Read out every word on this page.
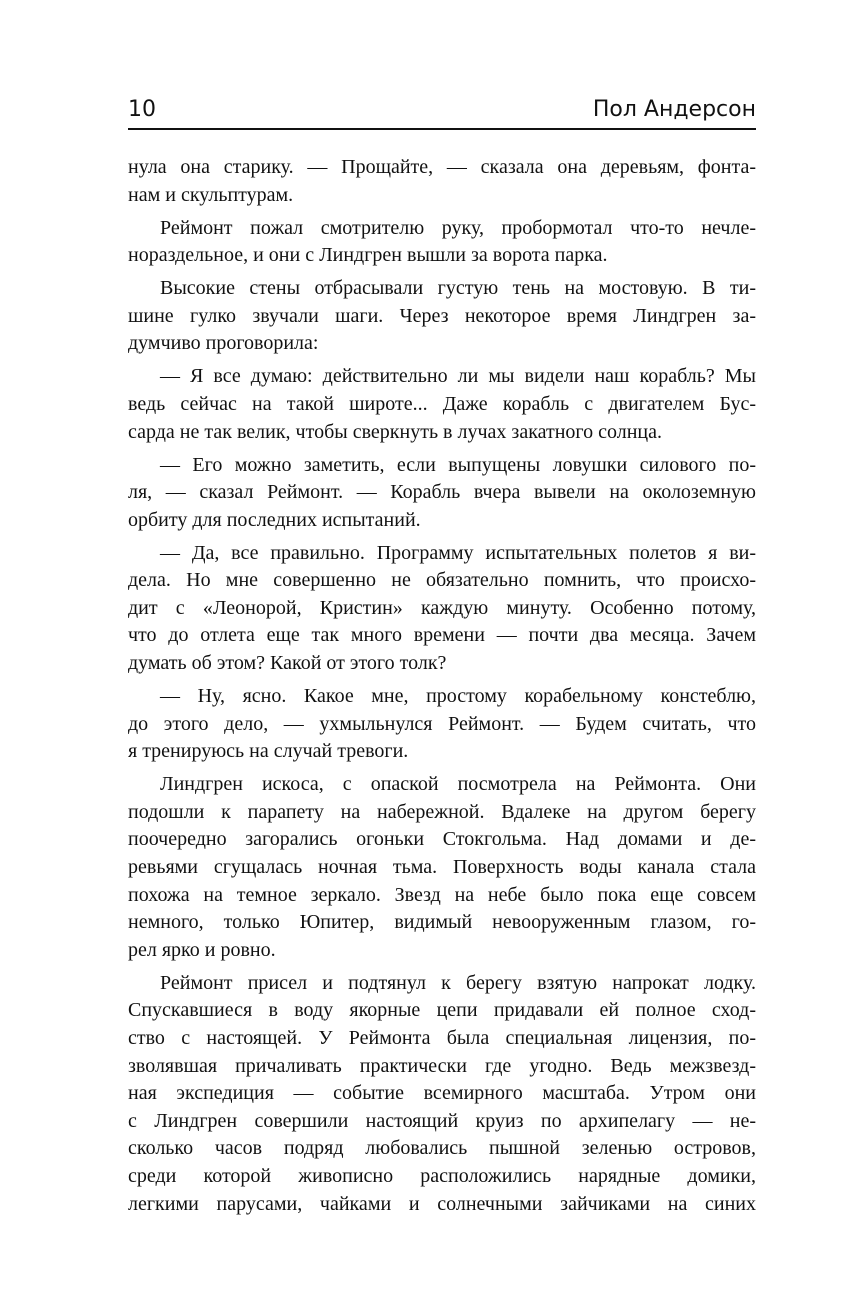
10	Пол Андерсон
нула она старику. — Прощайте, — сказала она деревьям, фонта-
нам и скульптурам.
Реймонт пожал смотрителю руку, пробормотал что-то нечле-
нораздельное, и они с Линдгрен вышли за ворота парка.
Высокие стены отбрасывали густую тень на мостовую. В ти-
шине гулко звучали шаги. Через некоторое время Линдгрен за-
думчиво проговорила:
— Я все думаю: действительно ли мы видели наш корабль? Мы
ведь сейчас на такой широте... Даже корабль с двигателем Бус-
сарда не так велик, чтобы сверкнуть в лучах закатного солнца.
— Его можно заметить, если выпущены ловушки силового по-
ля, — сказал Реймонт. — Корабль вчера вывели на околоземную
орбиту для последних испытаний.
— Да, все правильно. Программу испытательных полетов я ви-
дела. Но мне совершенно не обязательно помнить, что происхо-
дит с «Леонорой, Кристин» каждую минуту. Особенно потому,
что до отлета еще так много времени — почти два месяца. Зачем
думать об этом? Какой от этого толк?
— Ну, ясно. Какое мне, простому корабельному констеблю,
до этого дело, — ухмыльнулся Реймонт. — Будем считать, что
я тренируюсь на случай тревоги.
Линдгрен искоса, с опаской посмотрела на Реймонта. Они
подошли к парапету на набережной. Вдалеке на другом берегу
поочередно загорались огоньки Стокгольма. Над домами и де-
ревьями сгущалась ночная тьма. Поверхность воды канала стала
похожа на темное зеркало. Звезд на небе было пока еще совсем
немного, только Юпитер, видимый невооруженным глазом, го-
рел ярко и ровно.
Реймонт присел и подтянул к берегу взятую напрокат лодку.
Спускавшиеся в воду якорные цепи придавали ей полное сход-
ство с настоящей. У Реймонта была специальная лицензия, по-
зволявшая причаливать практически где угодно. Ведь межзвезд-
ная экспедиция — событие всемирного масштаба. Утром они
с Линдгрен совершили настоящий круиз по архипелагу — не-
сколько часов подряд любовались пышной зеленью островов,
среди которой живописно расположились нарядные домики,
легкими парусами, чайками и солнечными зайчиками на синих
